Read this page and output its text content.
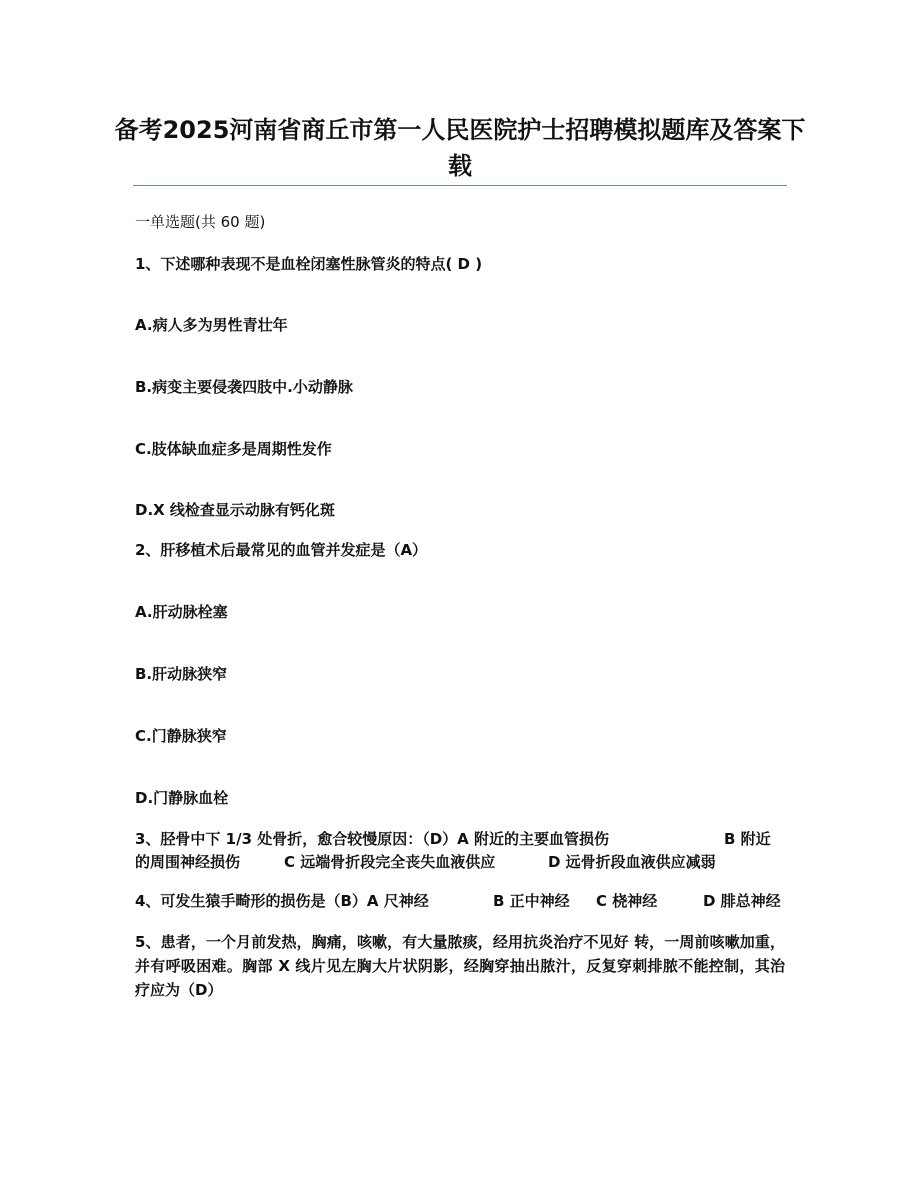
备考2025河南省商丘市第一人民医院护士招聘模拟题库及答案下载
一单选题(共 60 题)
1、下述哪种表现不是血栓闭塞性脉管炎的特点( D )
A.病人多为男性青壮年
B.病变主要侵袭四肢中.小动静脉
C.肢体缺血症多是周期性发作
D.X 线检查显示动脉有钙化斑
2、肝移植术后最常见的血管并发症是（A）
A.肝动脉栓塞
B.肝动脉狭窄
C.门静脉狭窄
D.门静脉血栓
3、胫骨中下 1/3 处骨折，愈合较慢原因：（D）A 附近的主要血管损伤	B 附近
的周围神经损伤	C 远端骨折段完全丧失血液供应	D 远骨折段血液供应减弱
4、可发生猿手畸形的损伤是（B）A 尺神经	B 正中神经 C 桡神经	D 腓总神经

5、患者，一个月前发热，胸痛，咳嗽，有大量脓痰，经用抗炎治疗不见好 转，一周前咳嗽加重，并有呼吸困难。胸部 X 线片见左胸大片状阴影，经胸穿抽出脓汁，反复穿刺排脓不能控制，其治疗应为（D）
